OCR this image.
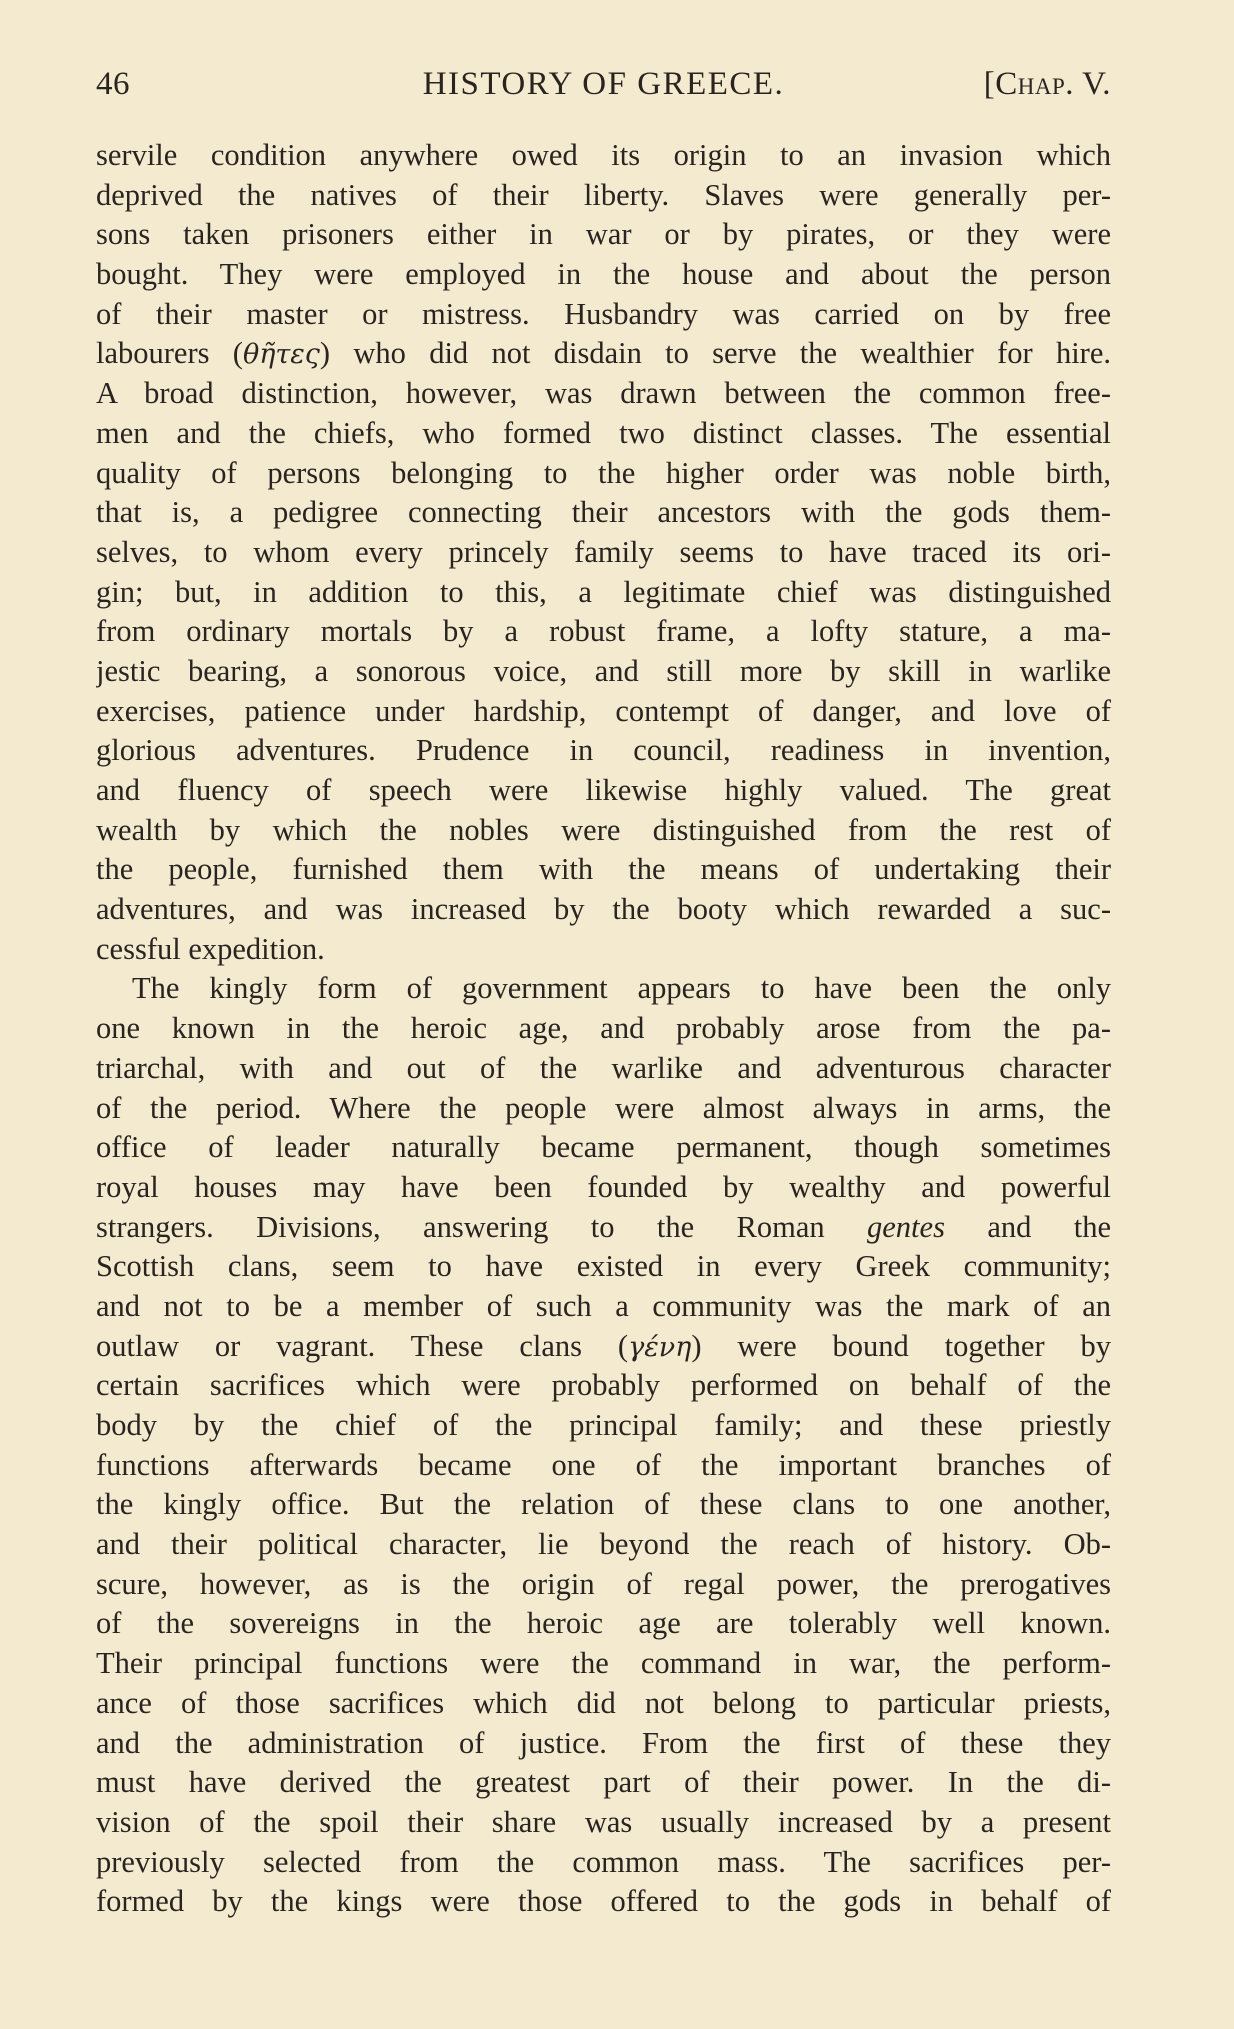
46	HISTORY OF GREECE.	[Chap. V.

servile condition anywhere owed its origin to an invasion which
deprived the natives of their liberty. Slaves were generally per-
sons taken prisoners either in war or by pirates, or they were
bought. They were employed in the house and about the person
of their master or mistress. Husbandry was carried on by free
labourers (θῆτες) who did not disdain to serve the wealthier for hire.
A broad distinction, however, was drawn between the common free-
men and the chiefs, who formed two distinct classes. The essential
quality of persons belonging to the higher order was noble birth,
that is, a pedigree connecting their ancestors with the gods them-
selves, to whom every princely family seems to have traced its ori-
gin; but, in addition to this, a legitimate chief was distinguished
from ordinary mortals by a robust frame, a lofty stature, a ma-
jestic bearing, a sonorous voice, and still more by skill in warlike
exercises, patience under hardship, contempt of danger, and love of
glorious adventures. Prudence in council, readiness in invention,
and fluency of speech were likewise highly valued. The great
wealth by which the nobles were distinguished from the rest of
the people, furnished them with the means of undertaking their
adventures, and was increased by the booty which rewarded a suc-
cessful expedition.

The kingly form of government appears to have been the only
one known in the heroic age, and probably arose from the pa-
triarchal, with and out of the warlike and adventurous character
of the period. Where the people were almost always in arms, the
office of leader naturally became permanent, though sometimes
royal houses may have been founded by wealthy and powerful
strangers. Divisions, answering to the Roman gentes and the
Scottish clans, seem to have existed in every Greek community;
and not to be a member of such a community was the mark of an
outlaw or vagrant. These clans (γένη) were bound together by
certain sacrifices which were probably performed on behalf of the
body by the chief of the principal family; and these priestly
functions afterwards became one of the important branches of
the kingly office. But the relation of these clans to one another,
and their political character, lie beyond the reach of history. Ob-
scure, however, as is the origin of regal power, the prerogatives
of the sovereigns in the heroic age are tolerably well known.
Their principal functions were the command in war, the perform-
ance of those sacrifices which did not belong to particular priests,
and the administration of justice. From the first of these they
must have derived the greatest part of their power. In the di-
vision of the spoil their share was usually increased by a present
previously selected from the common mass. The sacrifices per-
formed by the kings were those offered to the gods in behalf of
